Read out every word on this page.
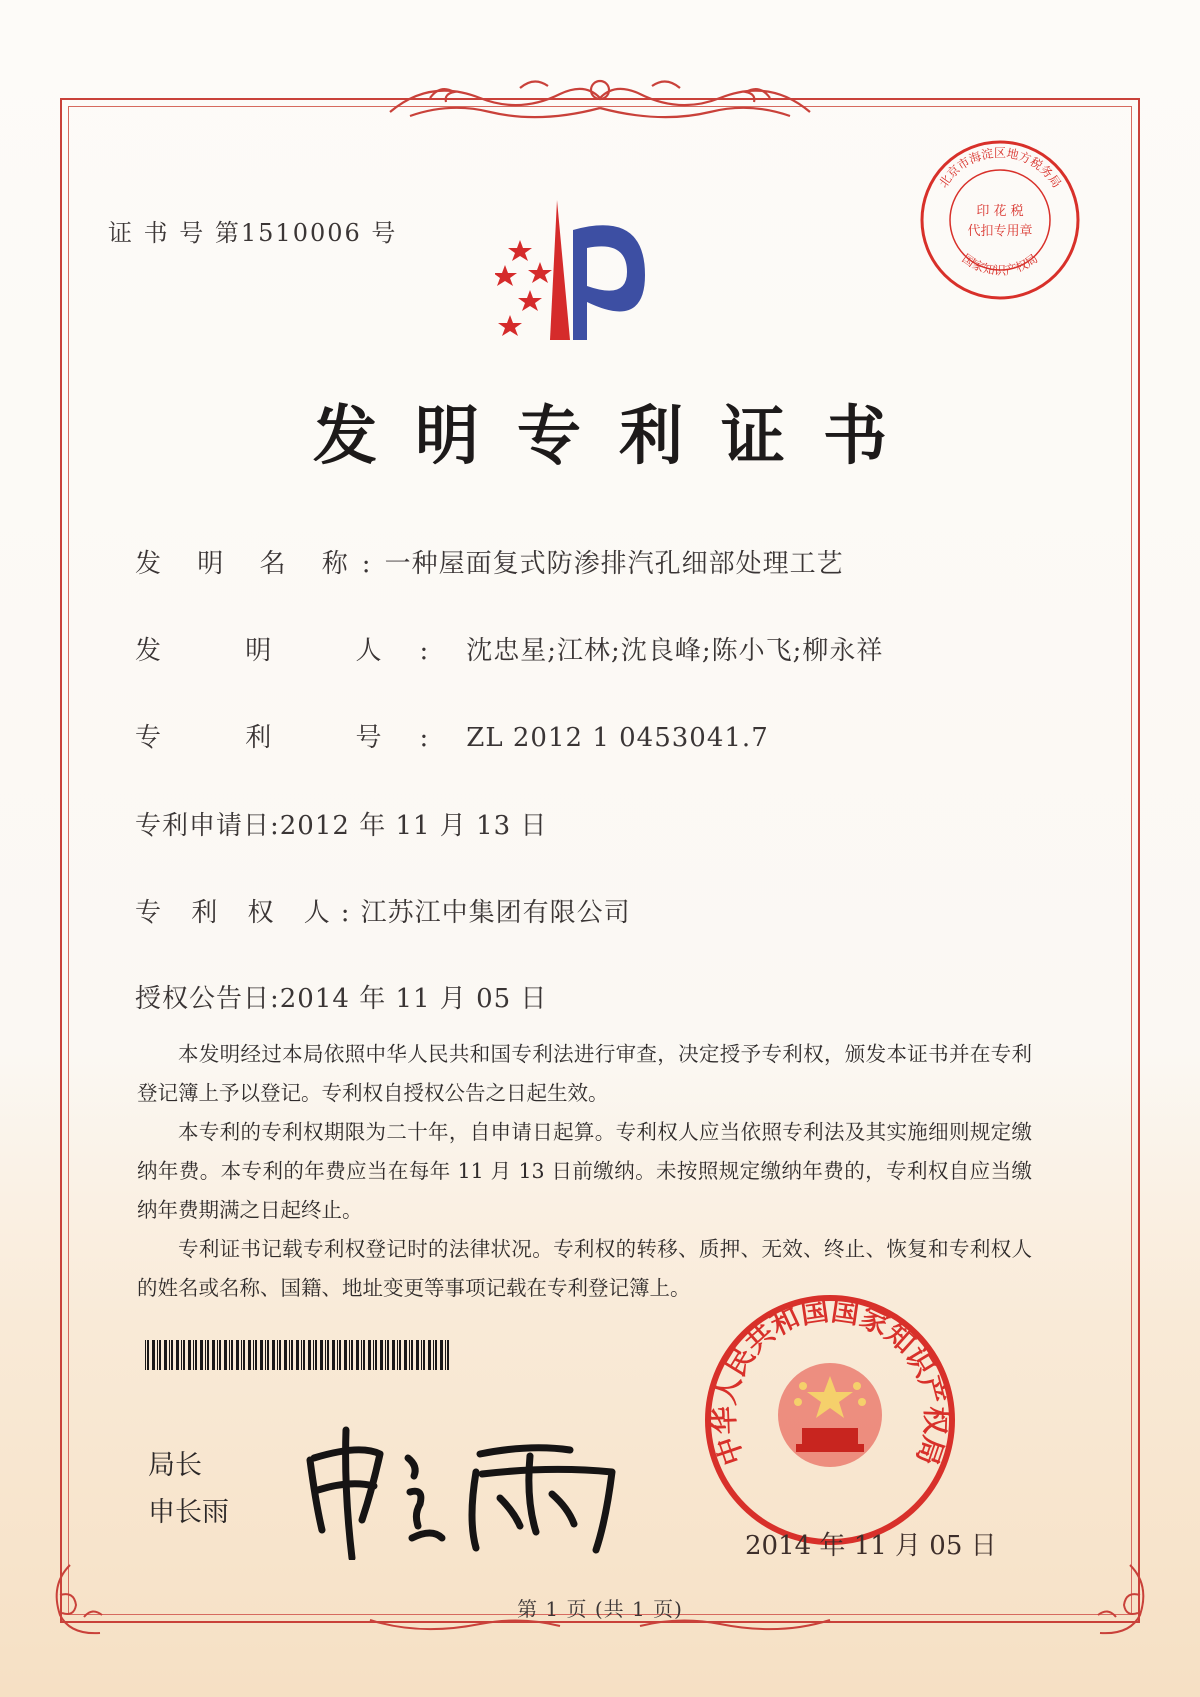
证 书 号 第1510006 号
北京市海淀区地方税务局
国家知识产权局
印 花 税
代扣专用章
发明专利证书
发 明 名 称:一种屋面复式防渗排汽孔细部处理工艺
发 明 人:沈忠星;江林;沈良峰;陈小飞;柳永祥
专 利 号:ZL 2012 1 0453041.7
专利申请日:2012 年 11 月 13 日
专 利 权 人:江苏江中集团有限公司
授权公告日:2014 年 11 月 05 日

本发明经过本局依照中华人民共和国专利法进行审查，决定授予专利权，颁发本证书并在专利登记簿上予以登记。专利权自授权公告之日起生效。

本专利的专利权期限为二十年，自申请日起算。专利权人应当依照专利法及其实施细则规定缴纳年费。本专利的年费应当在每年 11 月 13 日前缴纳。未按照规定缴纳年费的，专利权自应当缴纳年费期满之日起终止。

专利证书记载专利权登记时的法律状况。专利权的转移、质押、无效、终止、恢复和专利权人的姓名或名称、国籍、地址变更等事项记载在专利登记簿上。

局长
申长雨
中华人民共和国国家知识产权局
2014 年 11 月 05 日
第 1 页 (共 1 页)
